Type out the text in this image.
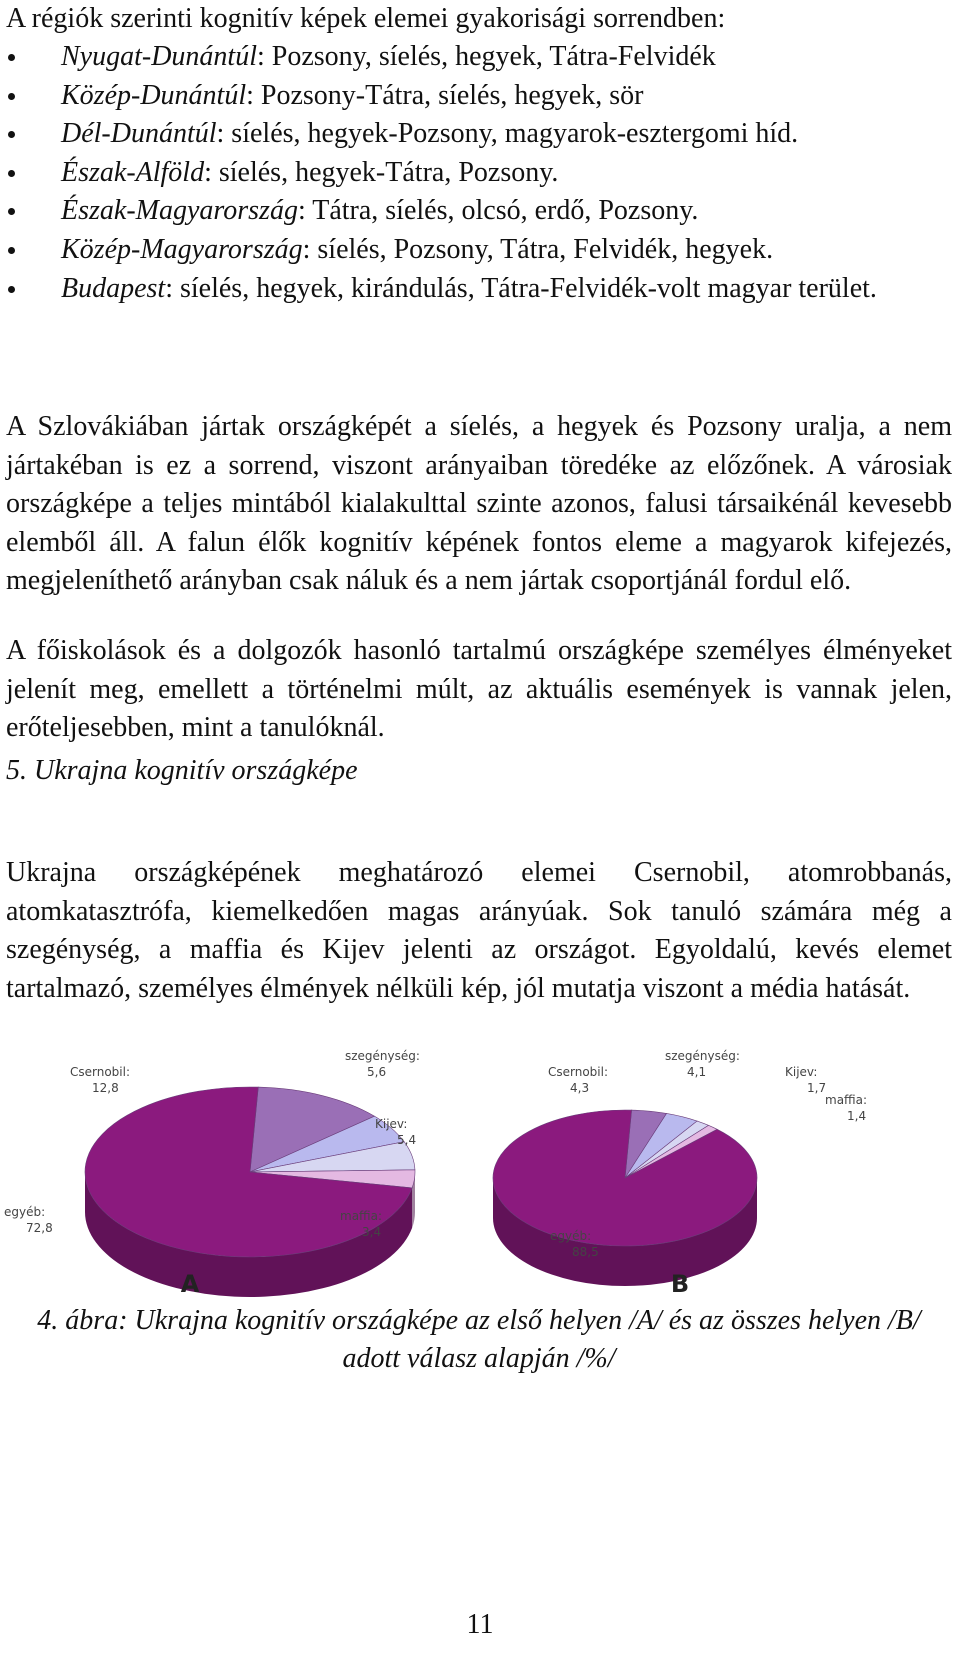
A régiók szerinti kognitív képek elemei gyakorisági sorrendben:
Nyugat-Dunántúl: Pozsony, síelés, hegyek, Tátra-Felvidék
Közép-Dunántúl: Pozsony-Tátra, síelés, hegyek, sör
Dél-Dunántúl: síelés, hegyek-Pozsony, magyarok-esztergomi híd.
Észak-Alföld: síelés, hegyek-Tátra, Pozsony.
Észak-Magyarország: Tátra, síelés, olcsó, erdő, Pozsony.
Közép-Magyarország: síelés, Pozsony, Tátra, Felvidék, hegyek.
Budapest: síelés, hegyek, kirándulás, Tátra-Felvidék-volt magyar terület.

A Szlovákiában jártak országképét a síelés, a hegyek és Pozsony uralja, a nem jártakéban is ez a sorrend, viszont arányaiban töredéke az előzőnek. A városiak országképe a teljes mintából kialakulttal szinte azonos, falusi társaikénál kevesebb elemből áll. A falun élők kognitív képének fontos eleme a magyarok kifejezés, megjeleníthető arányban csak náluk és a nem jártak csoportjánál fordul elő.

A főiskolások és a dolgozók hasonló tartalmú országképe személyes élményeket jelenít meg, emellett a történelmi múlt, az aktuális események is vannak jelen, erőteljesebben, mint a tanulóknál.

5. Ukrajna kognitív országképe

Ukrajna országképének meghatározó elemei Csernobil, atomrobbanás, atomkatasztrófa, kiemelkedően magas arányúak. Sok tanuló számára még a szegénység, a maffia és Kijev jelenti az országot. Egyoldalú, kevés elemet tartalmazó, személyes élmények nélküli kép, jól mutatja viszont a média hatását.

egyéb:
72,8
Csernobil:
12,8
szegénység:
5,6
Kijev:
5,4
maffia:
3,4
A
egyéb:
88,5
Csernobil:
4,3
szegénység:
4,1	Kijev:
1,7
maffia:
1,4
B
4. ábra: Ukrajna kognitív országképe az első helyen /A/ és az összes helyen /B/ adott válasz alapján /%/
11
